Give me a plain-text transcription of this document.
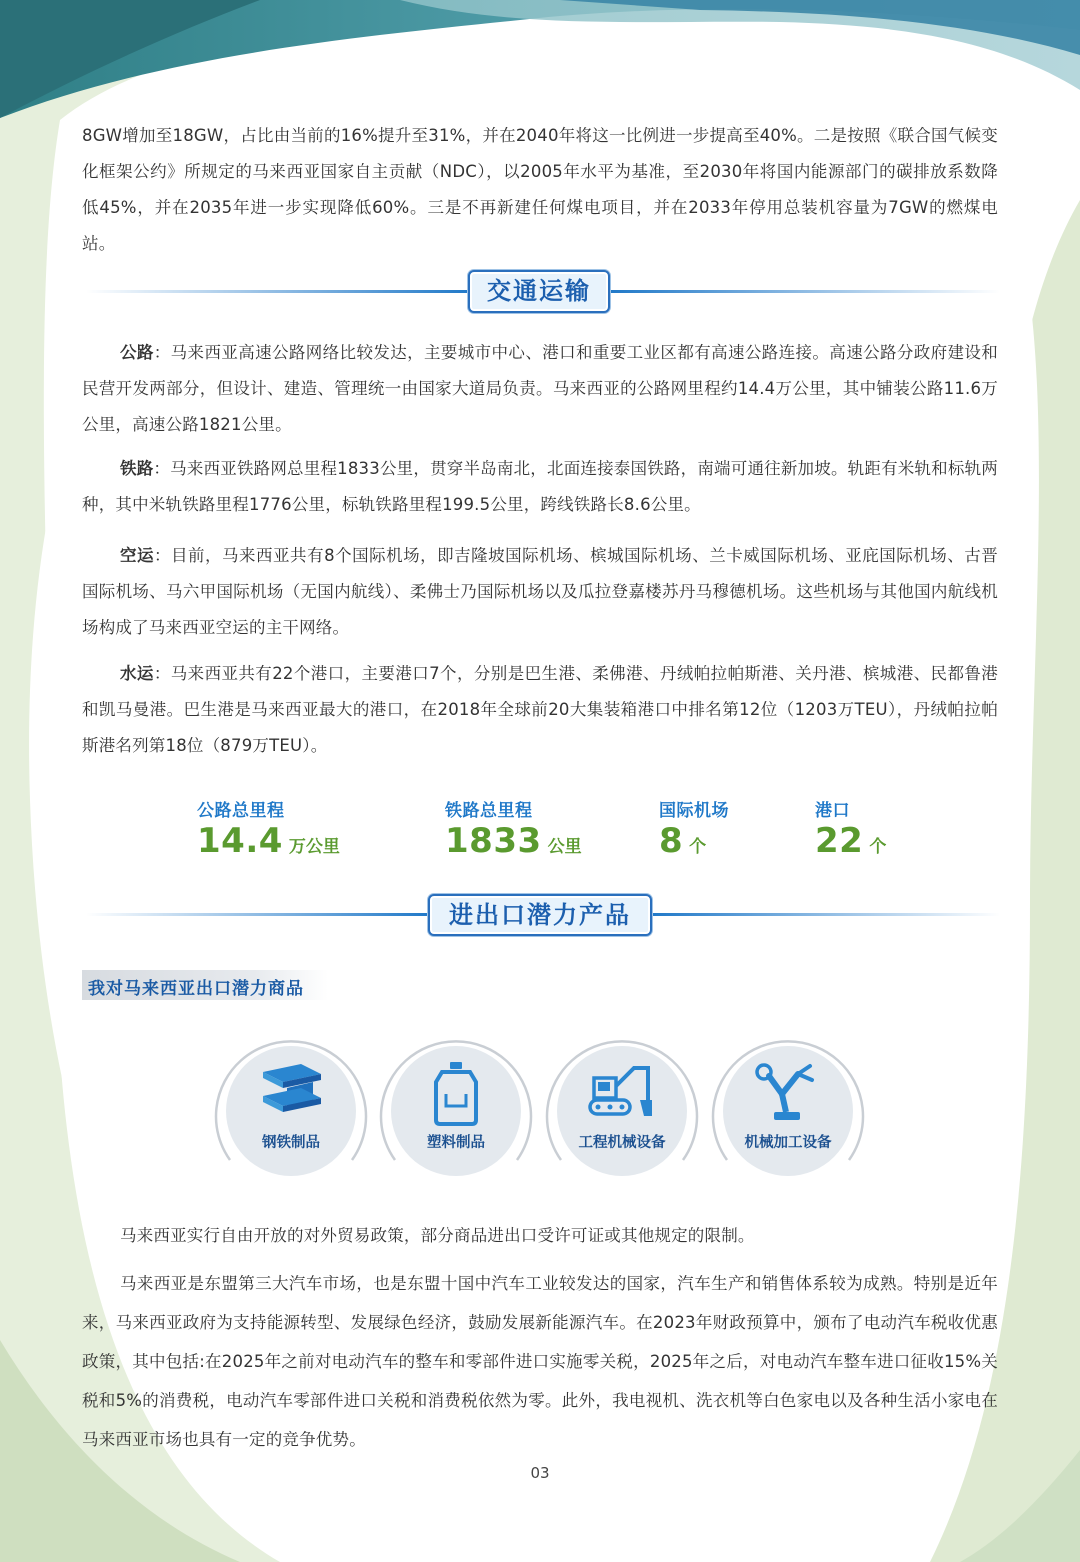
8GW增加至18GW，占比由当前的16%提升至31%，并在2040年将这一比例进一步提高至40%。二是按照《联合国气候变化框架公约》所规定的马来西亚国家自主贡献（NDC），以2005年水平为基准，至2030年将国内能源部门的碳排放系数降低45%，并在2035年进一步实现降低60%。三是不再新建任何煤电项目，并在2033年停用总装机容量为7GW的燃煤电站。

交通运输

公路：马来西亚高速公路网络比较发达，主要城市中心、港口和重要工业区都有高速公路连接。高速公路分政府建设和民营开发两部分，但设计、建造、管理统一由国家大道局负责。马来西亚的公路网里程约14.4万公里，其中铺装公路11.6万公里，高速公路1821公里。

铁路：马来西亚铁路网总里程1833公里，贯穿半岛南北，北面连接泰国铁路，南端可通往新加坡。轨距有米轨和标轨两种，其中米轨铁路里程1776公里，标轨铁路里程199.5公里，跨线铁路长8.6公里。

空运：目前，马来西亚共有8个国际机场，即吉隆坡国际机场、槟城国际机场、兰卡威国际机场、亚庇国际机场、古晋国际机场、马六甲国际机场（无国内航线）、柔佛士乃国际机场以及瓜拉登嘉楼苏丹马穆德机场。这些机场与其他国内航线机场构成了马来西亚空运的主干网络。

水运：马来西亚共有22个港口，主要港口7个，分别是巴生港、柔佛港、丹绒帕拉帕斯港、关丹港、槟城港、民都鲁港和凯马曼港。巴生港是马来西亚最大的港口，在2018年全球前20大集装箱港口中排名第12位（1203万TEU），丹绒帕拉帕斯港名列第18位（879万TEU）。

公路总里程
14.4 万公里
铁路总里程
1833 公里
国际机场
8 个
港口
22 个
进出口潜力产品
我对马来西亚出口潜力商品
钢铁制品	塑料制品	工程机械设备	机械加工设备

马来西亚实行自由开放的对外贸易政策，部分商品进出口受许可证或其他规定的限制。

马来西亚是东盟第三大汽车市场，也是东盟十国中汽车工业较发达的国家，汽车生产和销售体系较为成熟。特别是近年来，马来西亚政府为支持能源转型、发展绿色经济，鼓励发展新能源汽车。在2023年财政预算中，颁布了电动汽车税收优惠政策，其中包括:在2025年之前对电动汽车的整车和零部件进口实施零关税，2025年之后，对电动汽车整车进口征收15%关税和5%的消费税，电动汽车零部件进口关税和消费税依然为零。此外，我电视机、洗衣机等白色家电以及各种生活小家电在马来西亚市场也具有一定的竞争优势。

03
